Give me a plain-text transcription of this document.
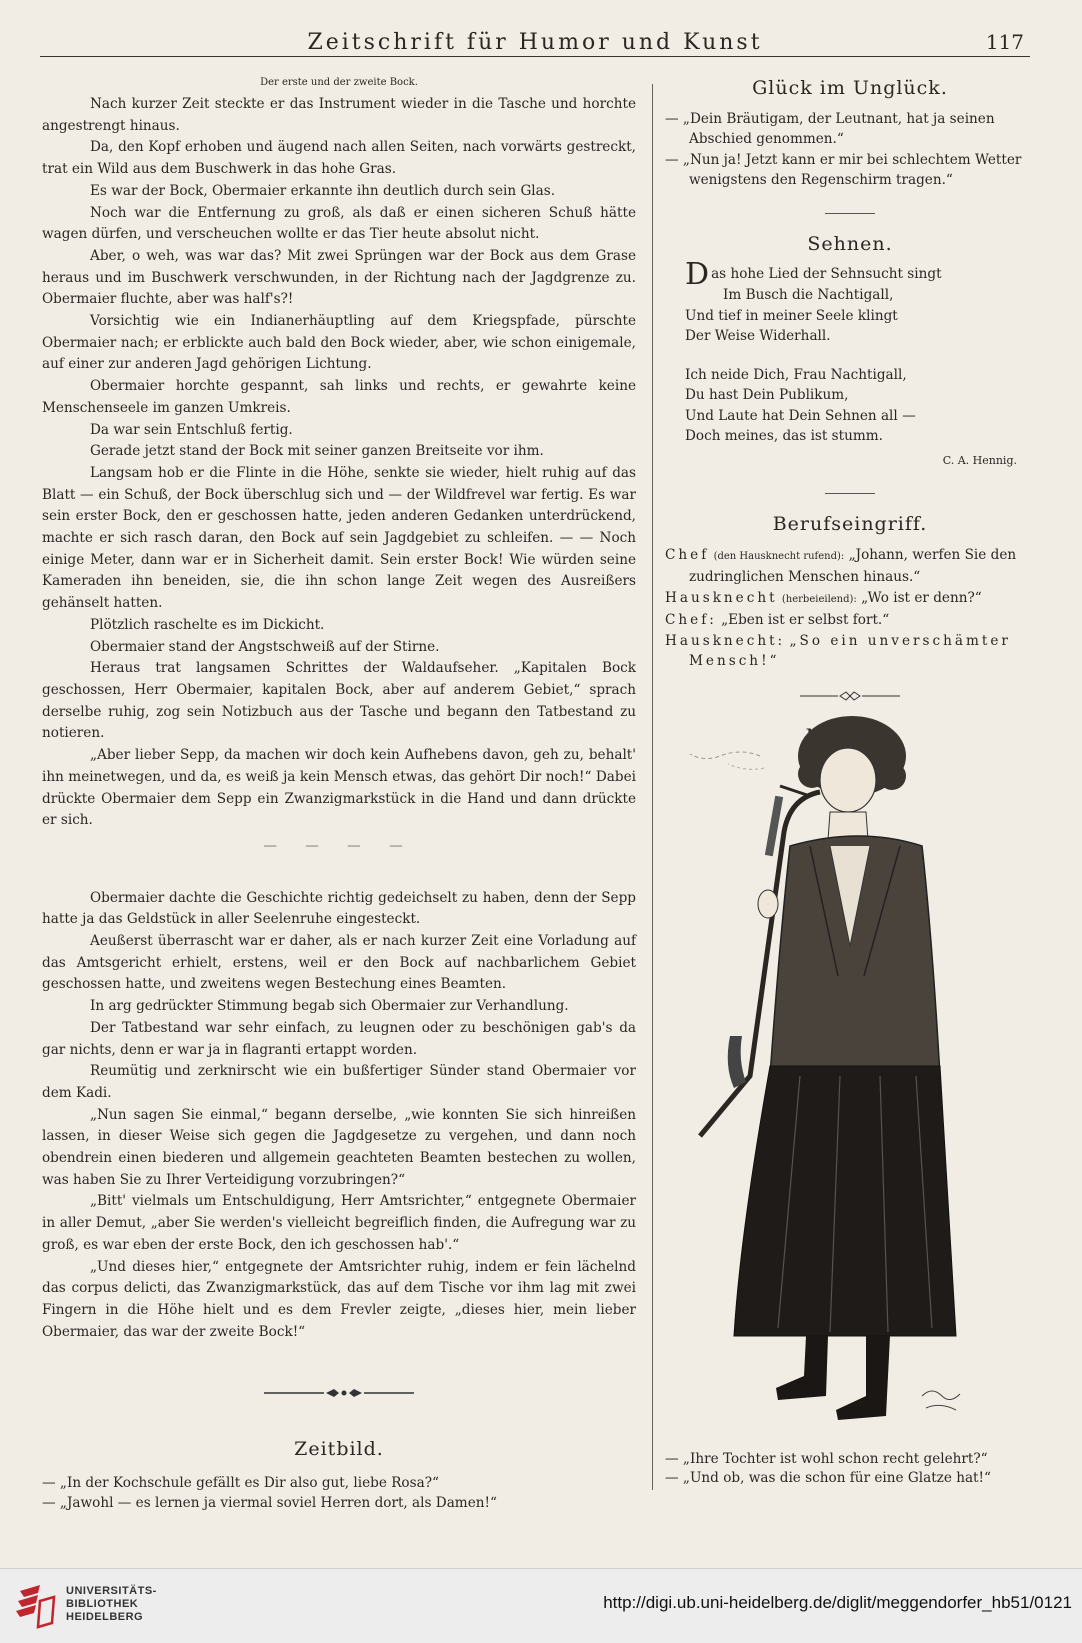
Zeitschrift für Humor und Kunst	117
Der erste und der zweite Bock.

Nach kurzer Zeit steckte er das Instrument wieder in die Tasche und horchte angestrengt hinaus.

Da, den Kopf erhoben und äugend nach allen Seiten, nach vorwärts gestreckt, trat ein Wild aus dem Buschwerk in das hohe Gras.

Es war der Bock, Obermaier erkannte ihn deutlich durch sein Glas.

Noch war die Entfernung zu groß, als daß er einen sicheren Schuß hätte wagen dürfen, und verscheuchen wollte er das Tier heute absolut nicht.

Aber, o weh, was war das? Mit zwei Sprüngen war der Bock aus dem Grase heraus und im Buschwerk verschwunden, in der Richtung nach der Jagdgrenze zu. Obermaier fluchte, aber was half's?!

Vorsichtig wie ein Indianerhäuptling auf dem Kriegspfade, pürschte Obermaier nach; er erblickte auch bald den Bock wieder, aber, wie schon einigemale, auf einer zur anderen Jagd gehörigen Lichtung.

Obermaier horchte gespannt, sah links und rechts, er gewahrte keine Menschenseele im ganzen Umkreis.

Da war sein Entschluß fertig.

Gerade jetzt stand der Bock mit seiner ganzen Breitseite vor ihm.

Langsam hob er die Flinte in die Höhe, senkte sie wieder, hielt ruhig auf das Blatt — ein Schuß, der Bock überschlug sich und — der Wildfrevel war fertig. Es war sein erster Bock, den er geschossen hatte, jeden anderen Gedanken unterdrückend, machte er sich rasch daran, den Bock auf sein Jagdgebiet zu schleifen. — — Noch einige Meter, dann war er in Sicherheit damit. Sein erster Bock! Wie würden seine Kameraden ihn beneiden, sie, die ihn schon lange Zeit wegen des Ausreißers gehänselt hatten.

Plötzlich raschelte es im Dickicht.

Obermaier stand der Angstschweiß auf der Stirne.

Heraus trat langsamen Schrittes der Waldaufseher. „Kapitalen Bock geschossen, Herr Obermaier, kapitalen Bock, aber auf anderem Gebiet,“ sprach derselbe ruhig, zog sein Notizbuch aus der Tasche und begann den Tatbestand zu notieren.

„Aber lieber Sepp, da machen wir doch kein Aufhebens davon, geh zu, behalt' ihn meinetwegen, und da, es weiß ja kein Mensch etwas, das gehört Dir noch!“ Dabei drückte Obermaier dem Sepp ein Zwanzigmarkstück in die Hand und dann drückte er sich.

— — — —

Obermaier dachte die Geschichte richtig gedeichselt zu haben, denn der Sepp hatte ja das Geldstück in aller Seelenruhe eingesteckt.

Aeußerst überrascht war er daher, als er nach kurzer Zeit eine Vorladung auf das Amtsgericht erhielt, erstens, weil er den Bock auf nachbarlichem Gebiet geschossen hatte, und zweitens wegen Bestechung eines Beamten.

In arg gedrückter Stimmung begab sich Obermaier zur Verhandlung.

Der Tatbestand war sehr einfach, zu leugnen oder zu beschönigen gab's da gar nichts, denn er war ja in flagranti ertappt worden.

Reumütig und zerknirscht wie ein bußfertiger Sünder stand Obermaier vor dem Kadi.

„Nun sagen Sie einmal,“ begann derselbe, „wie konnten Sie sich hinreißen lassen, in dieser Weise sich gegen die Jagdgesetze zu vergehen, und dann noch obendrein einen biederen und allgemein geachteten Beamten bestechen zu wollen, was haben Sie zu Ihrer Verteidigung vorzubringen?“

„Bitt' vielmals um Entschuldigung, Herr Amtsrichter,“ entgegnete Obermaier in aller Demut, „aber Sie werden's vielleicht begreiflich finden, die Aufregung war zu groß, es war eben der erste Bock, den ich geschossen hab'.“

„Und dieses hier,“ entgegnete der Amtsrichter ruhig, indem er fein lächelnd das corpus delicti, das Zwanzigmarkstück, das auf dem Tische vor ihm lag mit zwei Fingern in die Höhe hielt und es dem Frevler zeigte, „dieses hier, mein lieber Obermaier, das war der zweite Bock!“

Zeitbild.

— „In der Kochschule gefällt es Dir also gut, liebe Rosa?“

— „Jawohl — es lernen ja viermal soviel Herren dort, als Damen!“

Glück im Unglück.

— „Dein Bräutigam, der Leutnant, hat ja seinen Abschied genommen.“

— „Nun ja! Jetzt kann er mir bei schlechtem Wetter wenigstens den Regenschirm tragen.“

Sehnen.

Das hohe Lied der Sehnsucht singt

Im Busch die Nachtigall,

Und tief in meiner Seele klingt

Der Weise Widerhall.

Ich neide Dich, Frau Nachtigall,

Du hast Dein Publikum,

Und Laute hat Dein Sehnen all —

Doch meines, das ist stumm.

C. A. Hennig.
Berufseingriff.

Chef (den Hausknecht rufend): „Johann, werfen Sie den zudringlichen Menschen hinaus.“

Hausknecht (herbeieilend): „Wo ist er denn?“

Chef: „Eben ist er selbst fort.“

Hausknecht: „So ein unverschämter Mensch!“

— „Ihre Tochter ist wohl schon recht gelehrt?“

— „Und ob, was die schon für eine Glatze hat!“

UNIVERSITÄTS-
BIBLIOTHEK
HEIDELBERG
http://digi.ub.uni-heidelberg.de/diglit/meggendorfer_hb51/0121
